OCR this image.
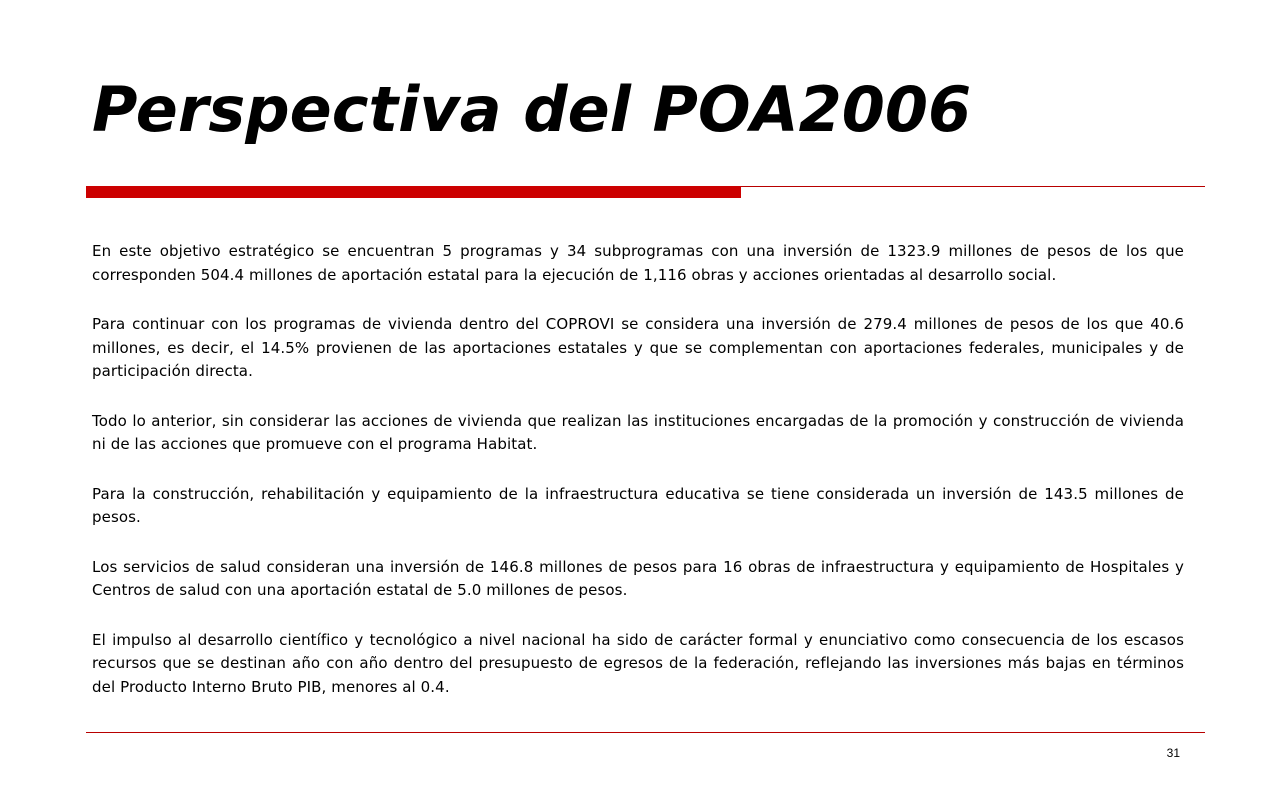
Perspectiva del POA2006

En este objetivo estratégico se encuentran 5 programas y 34 subprogramas con una inversión de 1323.9 millones de pesos de los que corresponden 504.4 millones de aportación estatal para la ejecución de 1,116 obras y acciones orientadas al desarrollo social.

Para continuar con los programas de vivienda dentro del COPROVI se considera una inversión de 279.4 millones de pesos de los que 40.6 millones, es decir, el 14.5% provienen de las aportaciones estatales y que se complementan con aportaciones federales, municipales y de participación directa.

Todo lo anterior, sin considerar las acciones de vivienda que realizan las instituciones encargadas de la promoción y construcción de vivienda ni de las acciones que promueve con el programa Habitat.

Para la construcción, rehabilitación y equipamiento de la infraestructura educativa se tiene considerada un inversión de 143.5 millones de pesos.

Los servicios de salud consideran una inversión de 146.8 millones de pesos para 16 obras de infraestructura y equipamiento de Hospitales y Centros de salud con una aportación estatal de 5.0 millones de pesos.

El impulso al desarrollo científico y tecnológico a nivel nacional ha sido de carácter formal y enunciativo como consecuencia de los escasos recursos que se destinan año con año dentro del presupuesto de egresos de la federación, reflejando las inversiones más bajas en términos del Producto Interno Bruto PIB, menores al 0.4.

31
